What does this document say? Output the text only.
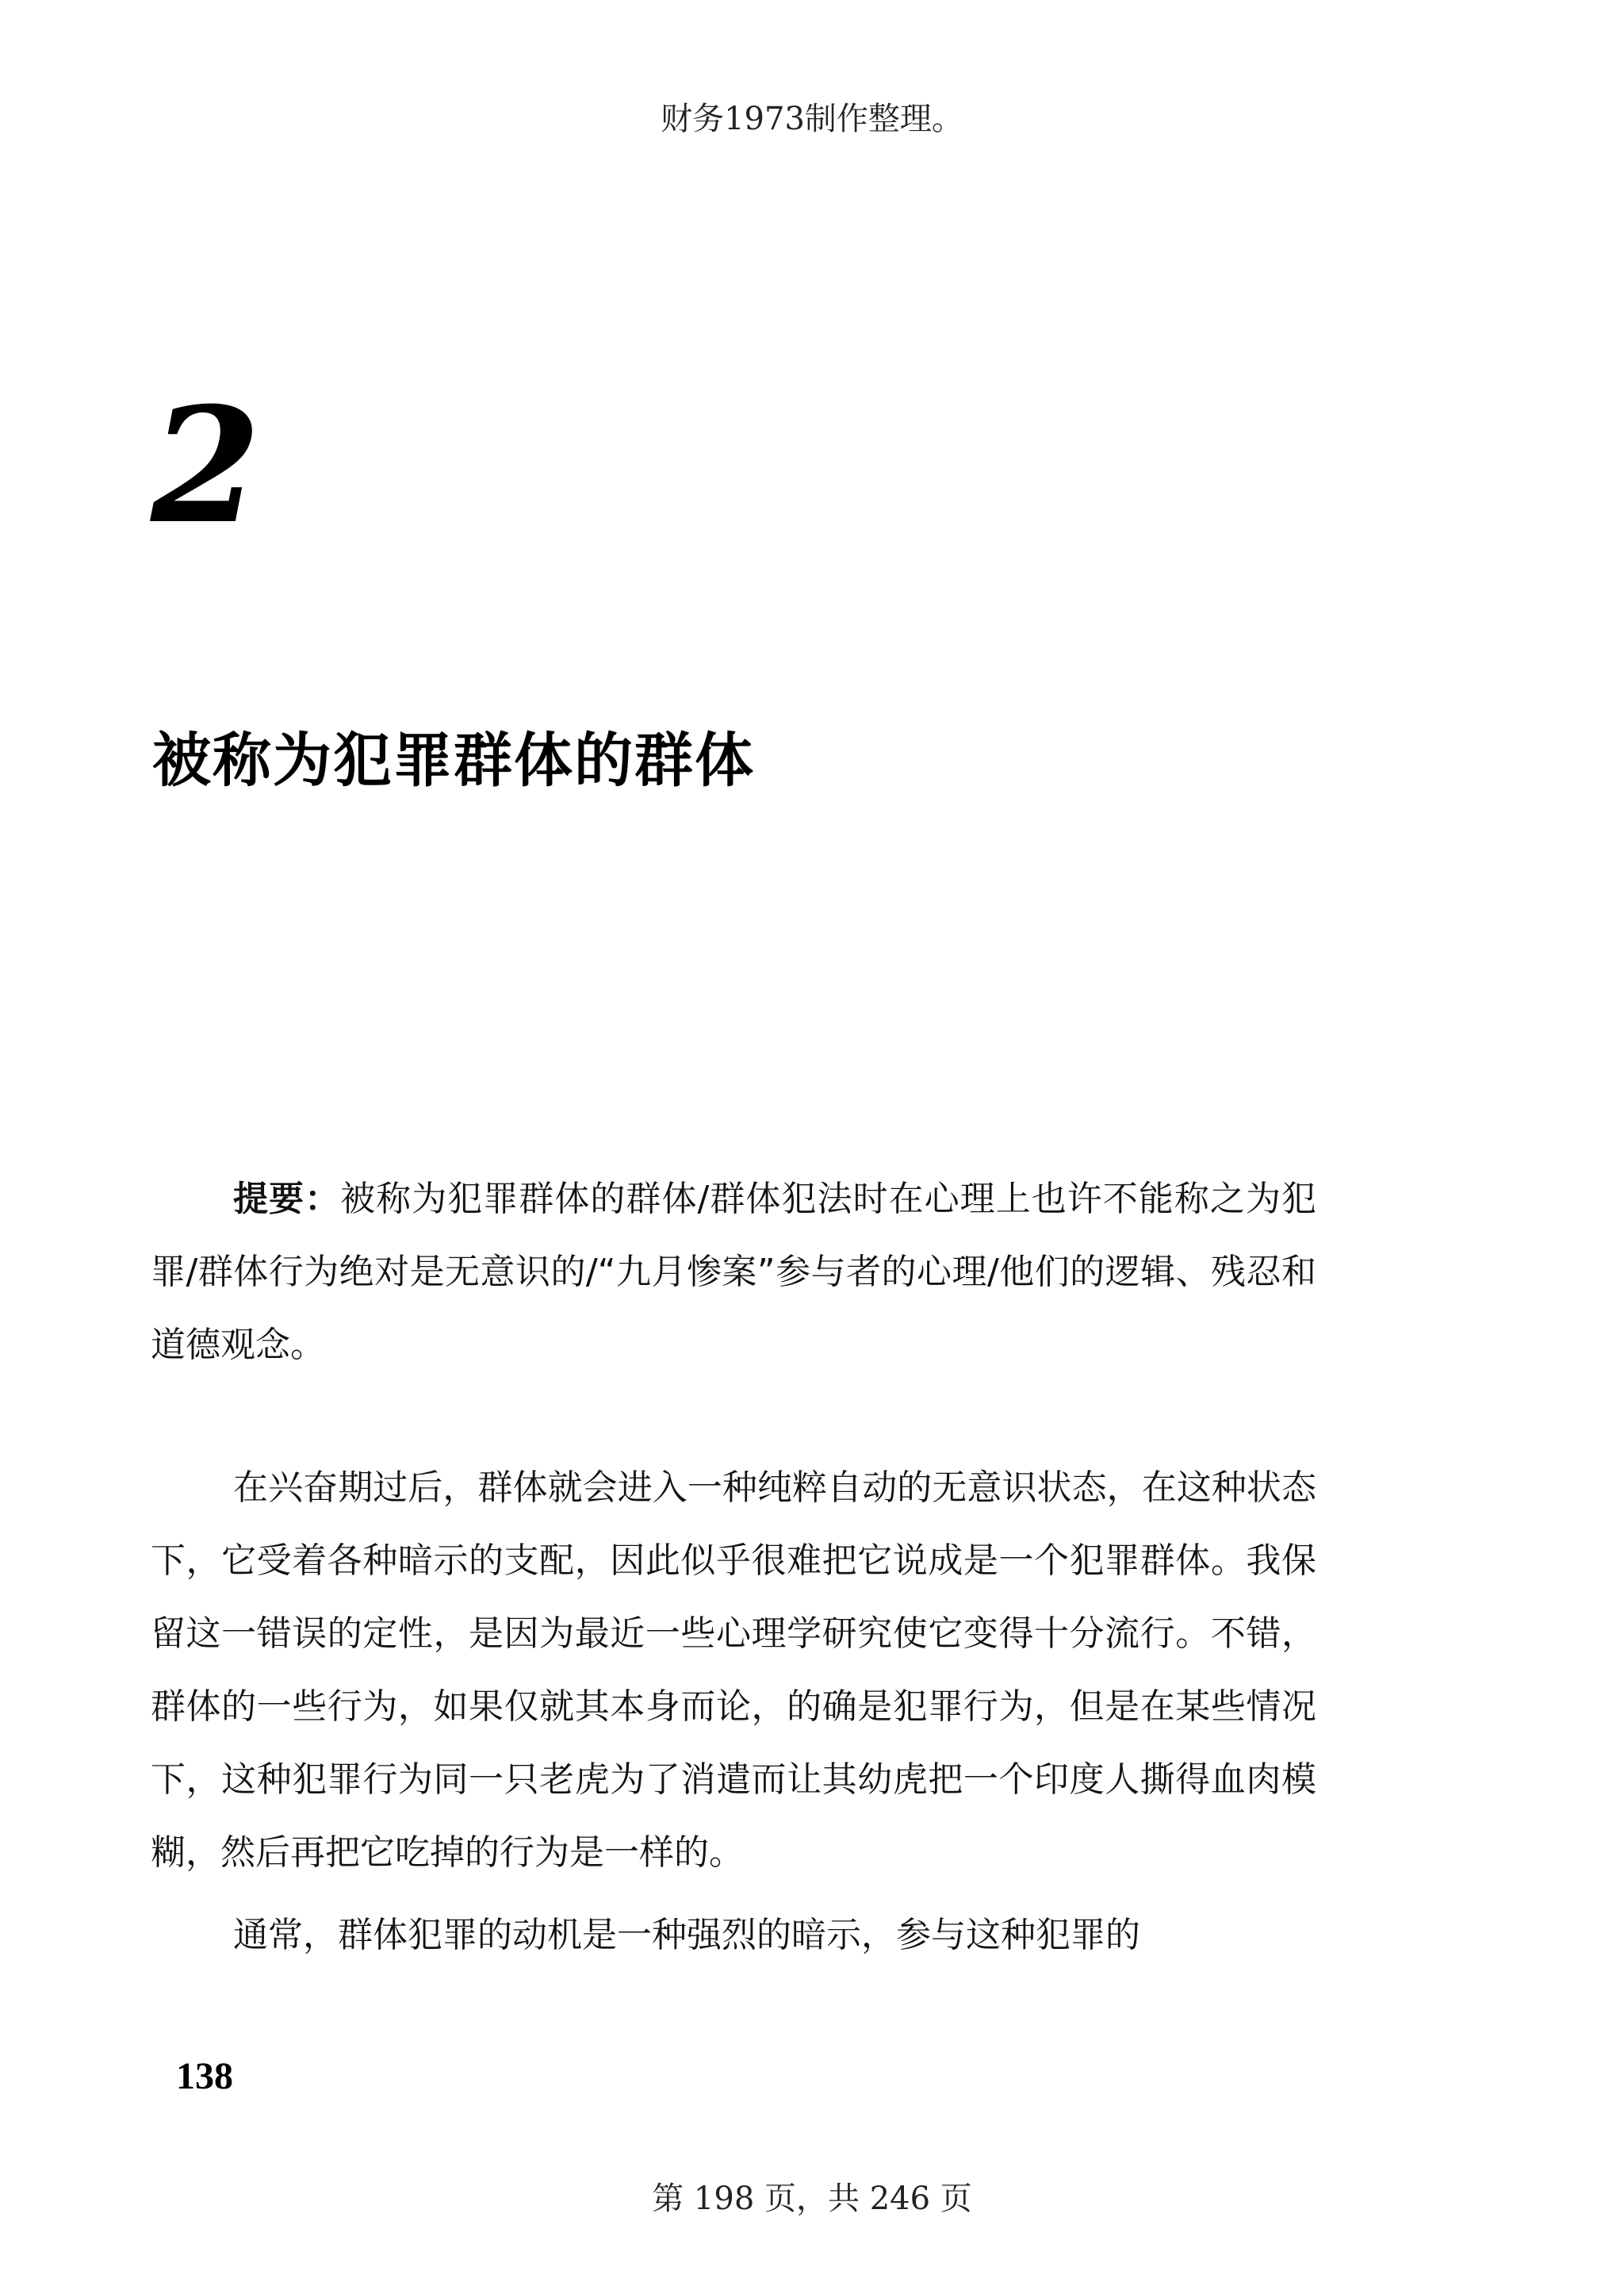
财务1973制作整理。
2
被称为犯罪群体的群体

提要：被称为犯罪群体的群体/群体犯法时在心理上也许不能称之为犯罪/群体行为绝对是无意识的/“九月惨案”参与者的心理/他们的逻辑、残忍和道德观念。

在兴奋期过后，群体就会进入一种纯粹自动的无意识状态，在这种状态下，它受着各种暗示的支配，因此似乎很难把它说成是一个犯罪群体。我保留这一错误的定性，是因为最近一些心理学研究使它变得十分流行。不错，群体的一些行为，如果仅就其本身而论，的确是犯罪行为，但是在某些情况下，这种犯罪行为同一只老虎为了消遣而让其幼虎把一个印度人撕得血肉模糊，然后再把它吃掉的行为是一样的。

通常，群体犯罪的动机是一种强烈的暗示，参与这种犯罪的

138
第 198 页，共 246 页
